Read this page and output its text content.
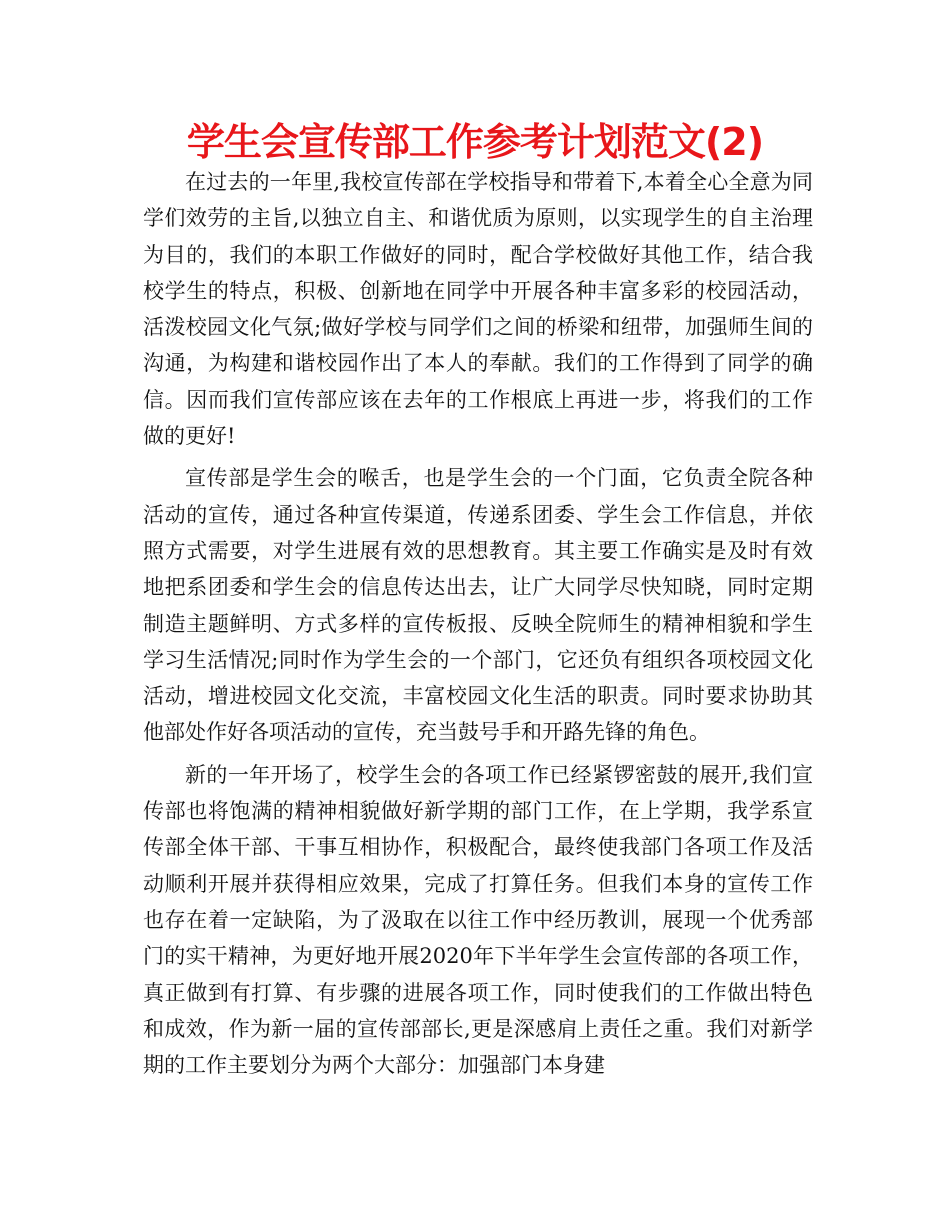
学生会宣传部工作参考计划范文(2)

在过去的一年里,我校宣传部在学校指导和带着下,本着全心全意为同学们效劳的主旨,以独立自主、和谐优质为原则，以实现学生的自主治理为目的，我们的本职工作做好的同时，配合学校做好其他工作，结合我校学生的特点，积极、创新地在同学中开展各种丰富多彩的校园活动，活泼校园文化气氛;做好学校与同学们之间的桥梁和纽带，加强师生间的沟通，为构建和谐校园作出了本人的奉献。我们的工作得到了同学的确信。因而我们宣传部应该在去年的工作根底上再进一步，将我们的工作做的更好!

宣传部是学生会的喉舌，也是学生会的一个门面，它负责全院各种活动的宣传，通过各种宣传渠道，传递系团委、学生会工作信息，并依照方式需要，对学生进展有效的思想教育。其主要工作确实是及时有效地把系团委和学生会的信息传达出去，让广大同学尽快知晓，同时定期制造主题鲜明、方式多样的宣传板报、反映全院师生的精神相貌和学生学习生活情况;同时作为学生会的一个部门，它还负有组织各项校园文化活动，增进校园文化交流，丰富校园文化生活的职责。同时要求协助其他部处作好各项活动的宣传，充当鼓号手和开路先锋的角色。

新的一年开场了，校学生会的各项工作已经紧锣密鼓的展开,我们宣传部也将饱满的精神相貌做好新学期的部门工作，在上学期，我学系宣传部全体干部、干事互相协作，积极配合，最终使我部门各项工作及活动顺利开展并获得相应效果，完成了打算任务。但我们本身的宣传工作也存在着一定缺陷，为了汲取在以往工作中经历教训，展现一个优秀部门的实干精神，为更好地开展2020年下半年学生会宣传部的各项工作，真正做到有打算、有步骤的进展各项工作，同时使我们的工作做出特色和成效，作为新一届的宣传部部长,更是深感肩上责任之重。我们对新学期的工作主要划分为两个大部分：加强部门本身建
